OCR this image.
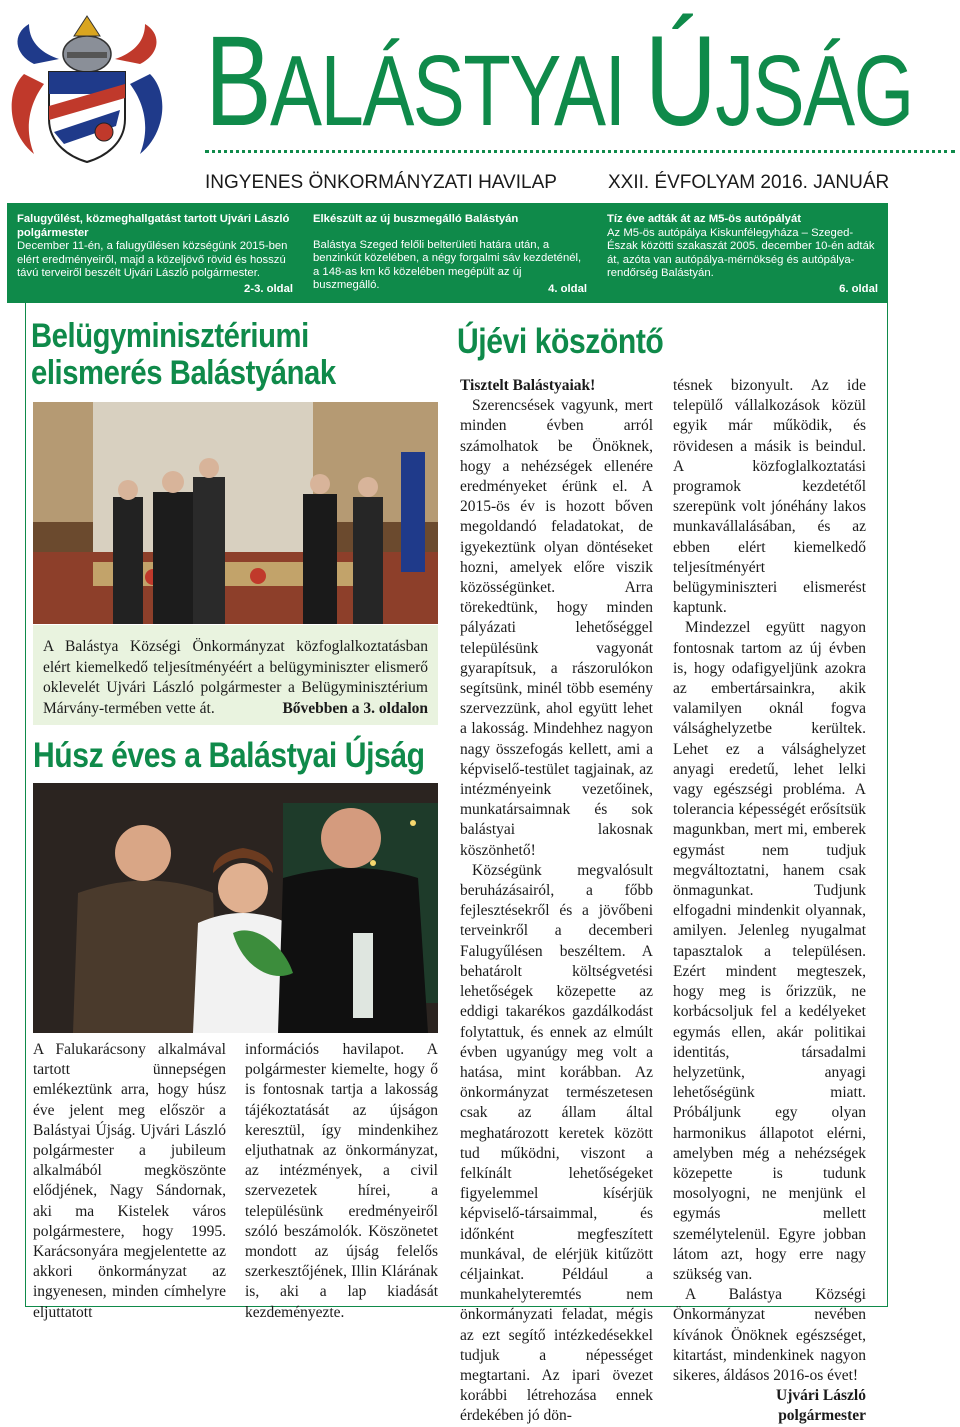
BALÁSTYAI ÚJSÁG
INGYENES ÖNKORMÁNYZATI HAVILAP	XXII. ÉVFOLYAM 2016. JANUÁR
Falugyűlést, közmeghallgatást tartott Ujvári László polgármester
December 11-én, a falugyűlésen községünk 2015-ben elért eredményeiről, majd a közeljövő rövid és hosszú távú terveiről beszélt Ujvári László polgármester.
2-3. oldal
Elkészült az új buszmegálló Balástyán
Balástya Szeged felőli belterületi határa után, a benzinkút közelében, a négy forgalmi sáv kezdeténél, a 148-as km kő közelében megépült az új buszmegálló.	4. oldal
Tíz éve adták át az M5-ös autópályát
Az M5-ös autópálya Kiskunfélegyháza – Szeged-Észak közötti szakaszát 2005. december 10-én adták át, azóta van autópálya-mérnökség és autópálya-rendőrség Balástyán.
6. oldal
Belügyminisztériumi elismerés Balástyának
A Balástya Községi Önkormányzat közfoglalkoztatásban elért kiemelkedő teljesítményéért a belügyminiszter elismerő oklevelét Ujvári László polgármester a Belügyminisztérium Márvány-termében vette át.	Bővebben a 3. oldalon
Húsz éves a Balástyai Újság
A Falukarácsony alkalmával tartott ünnepségen emlékeztünk arra, hogy húsz éve jelent meg először a Balástyai Újság. Ujvári László polgármester a jubileum alkalmából megköszönte elődjének, Nagy Sándornak, aki ma Kistelek város polgármestere, hogy 1995. Karácsonyára megjelentette az akkori önkormányzat az ingyenesen, minden címhelyre eljuttatott
információs havilapot. A polgármester kiemelte, hogy ő is fontosnak tartja a lakosság tájékoztatását az újságon keresztül, így mindenkihez eljuthatnak az önkormányzat, az intézmények, a civil szervezetek hírei, a településünk eredményeiről szóló beszámolók. Köszönetet mondott az újság felelős szerkesztőjének, Illin Klárának is, aki a lap kiadását kezdeményezte.
Újévi köszöntő
Tisztelt Balástyaiak!
Szerencsések vagyunk, mert minden évben arról számolhatok be Önöknek, hogy a nehézségek ellenére eredményeket érünk el. A 2015-ös év is hozott bőven megoldandó feladatokat, de igyekeztünk olyan döntéseket hozni, amelyek előre viszik közösségünket. Arra törekedtünk, hogy minden pályázati lehetőséggel településünk vagyonát gyarapítsuk, a rászorulókon segítsünk, minél több esemény szervezzünk, ahol együtt lehet a lakosság. Mindehhez nagyon nagy összefogás kellett, ami a képviselő-testület tagjainak, az intézményeink vezetőinek, munkatársaimnak és sok balástyai lakosnak köszönhető!
Községünk megvalósult beruházásairól, a főbb fejlesztésekről és a jövőbeni terveinkről a decemberi Falugyűlésen beszéltem. A behatárolt költségvetési lehetőségek közepette az eddigi takarékos gazdálkodást folytattuk, és ennek az elmúlt évben ugyanúgy meg volt a hatása, mint korábban. Az önkormányzat természetesen csak az állam által meghatározott keretek között tud működni, viszont a felkínált lehetőségeket figyelemmel kísérjük képviselő-társaimmal, és időnként megfeszített munkával, de elérjük kitűzött céljainkat. Például a munkahelyteremtés nem önkormányzati feladat, mégis az ezt segítő intézkedésekkel tudjuk a népességet megtartani. Az ipari övezet korábbi létrehozása ennek érdekében jó dön-
tésnek bizonyult. Az ide települő vállalkozások közül egyik már működik, és rövidesen a másik is beindul. A közfoglalkoztatási programok kezdetétől szerepünk volt jónéhány lakos munkavállalásában, és az ebben elért kiemelkedő teljesítményért belügyminiszteri elismerést kaptunk.
Mindezzel együtt nagyon fontosnak tartom az új évben is, hogy odafigyeljünk azokra az embertársainkra, akik valamilyen oknál fogva válsághelyzetbe kerültek. Lehet ez a válsághelyzet anyagi eredetű, lehet lelki vagy egészségi probléma. A tolerancia képességét erősítsük magunkban, mert mi, emberek egymást nem tudjuk megváltoztatni, hanem csak önmagunkat. Tudjunk elfogadni mindenkit olyannak, amilyen. Jelenleg nyugalmat tapasztalok a településen. Ezért mindent megteszek, hogy meg is őrizzük, ne korbácsoljuk fel a kedélyeket egymás ellen, akár politikai identitás, társadalmi helyzetünk, anyagi lehetőségünk miatt. Próbáljunk egy olyan harmonikus állapotot elérni, amelyben még a nehézségek közepette is tudunk mosolyogni, ne menjünk el egymás mellett személytelenül. Egyre jobban látom azt, hogy erre nagy szükség van.
A Balástya Községi Önkormányzat nevében kívánok Önöknek egészséget, kitartást, mindenkinek nagyon sikeres, áldásos 2016-os évet!
Ujvári László
polgármester
